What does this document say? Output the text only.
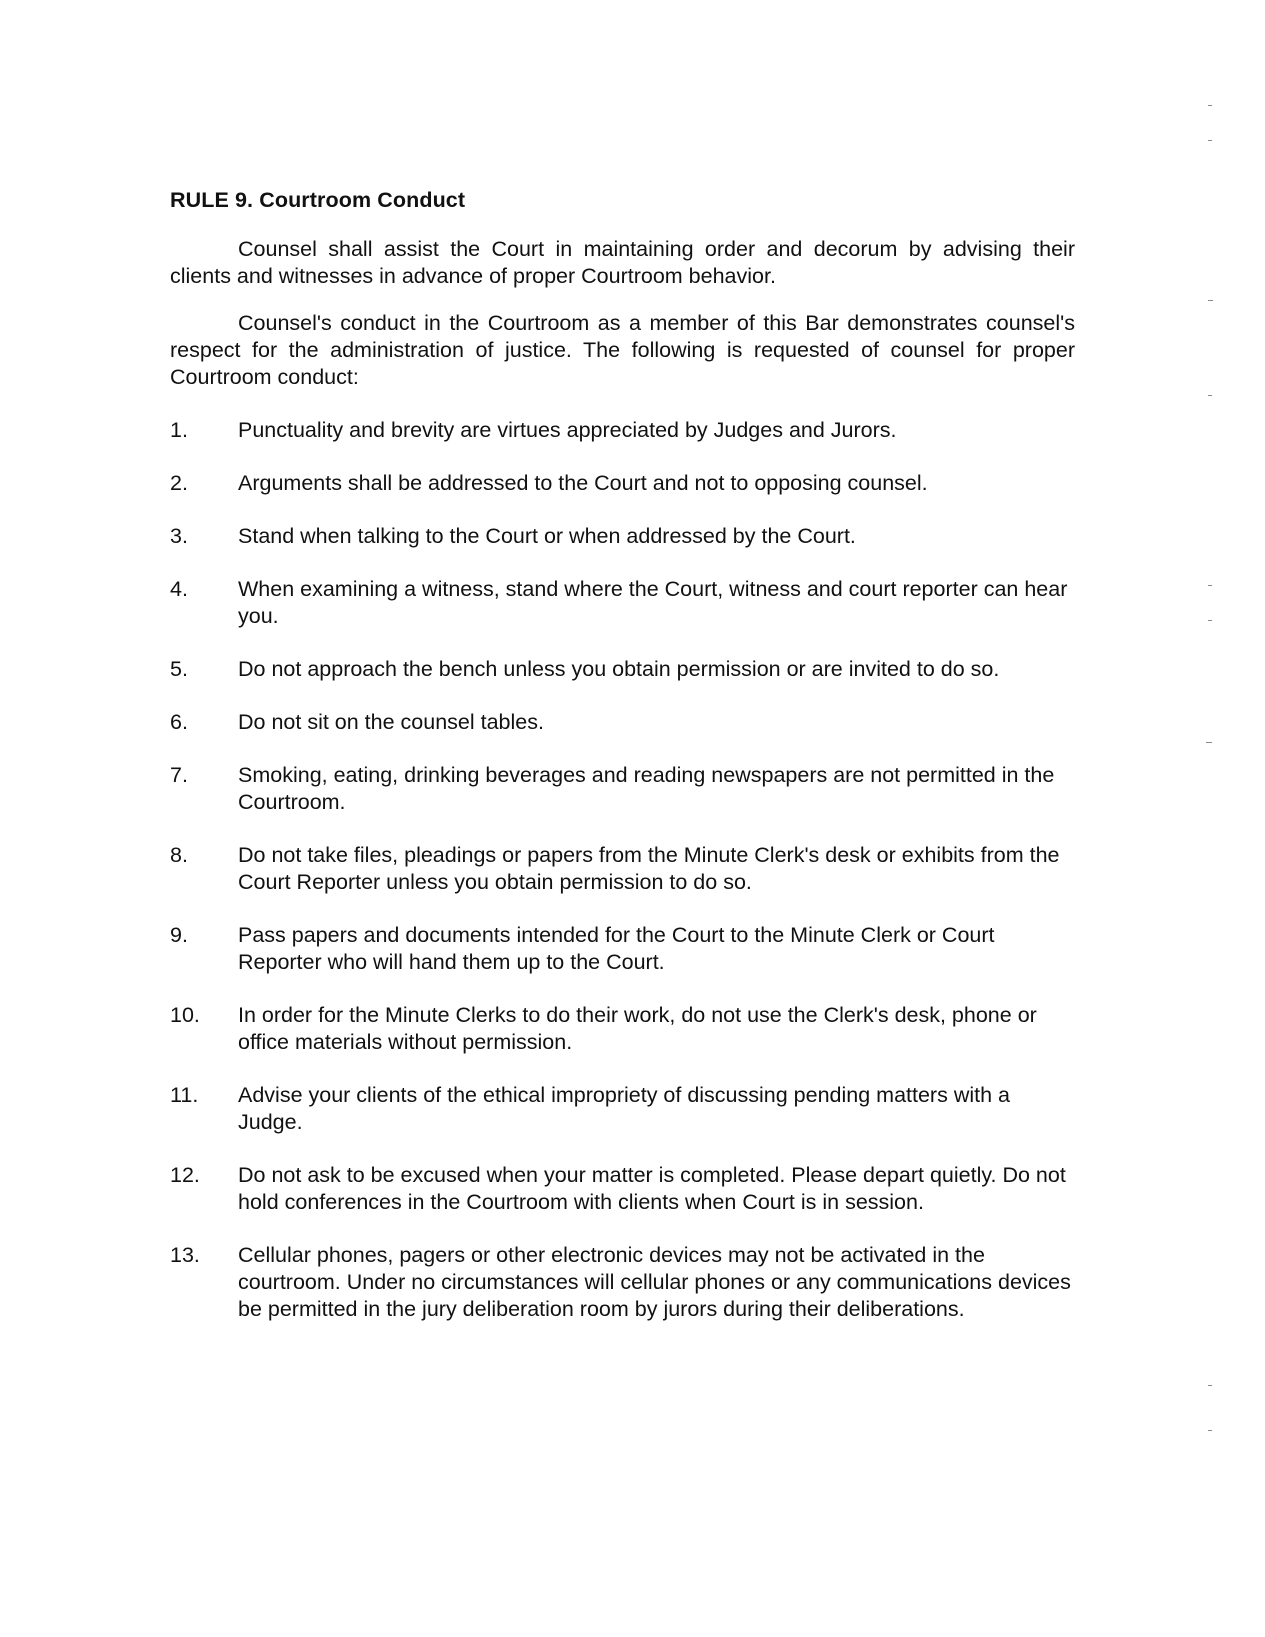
RULE 9. Courtroom Conduct

Counsel shall assist the Court in maintaining order and decorum by advising their clients and witnesses in advance of proper Courtroom behavior.

Counsel's conduct in the Courtroom as a member of this Bar demonstrates counsel's respect for the administration of justice. The following is requested of counsel for proper Courtroom conduct:

1.	Punctuality and brevity are virtues appreciated by Judges and Jurors.
2.	Arguments shall be addressed to the Court and not to opposing counsel.
3.	Stand when talking to the Court or when addressed by the Court.
4.	When examining a witness, stand where the Court, witness and court reporter can hear you.
5.	Do not approach the bench unless you obtain permission or are invited to do so.
6.	Do not sit on the counsel tables.
7.	Smoking, eating, drinking beverages and reading newspapers are not permitted in the Courtroom.
8.	Do not take files, pleadings or papers from the Minute Clerk's desk or exhibits from the Court Reporter unless you obtain permission to do so.
9.	Pass papers and documents intended for the Court to the Minute Clerk or Court Reporter who will hand them up to the Court.
10.	In order for the Minute Clerks to do their work, do not use the Clerk's desk, phone or office materials without permission.
11.	Advise your clients of the ethical impropriety of discussing pending matters with a Judge.
12.	Do not ask to be excused when your matter is completed. Please depart quietly. Do not hold conferences in the Courtroom with clients when Court is in session.
13.	Cellular phones, pagers or other electronic devices may not be activated in the courtroom. Under no circumstances will cellular phones or any communications devices be permitted in the jury deliberation room by jurors during their deliberations.
